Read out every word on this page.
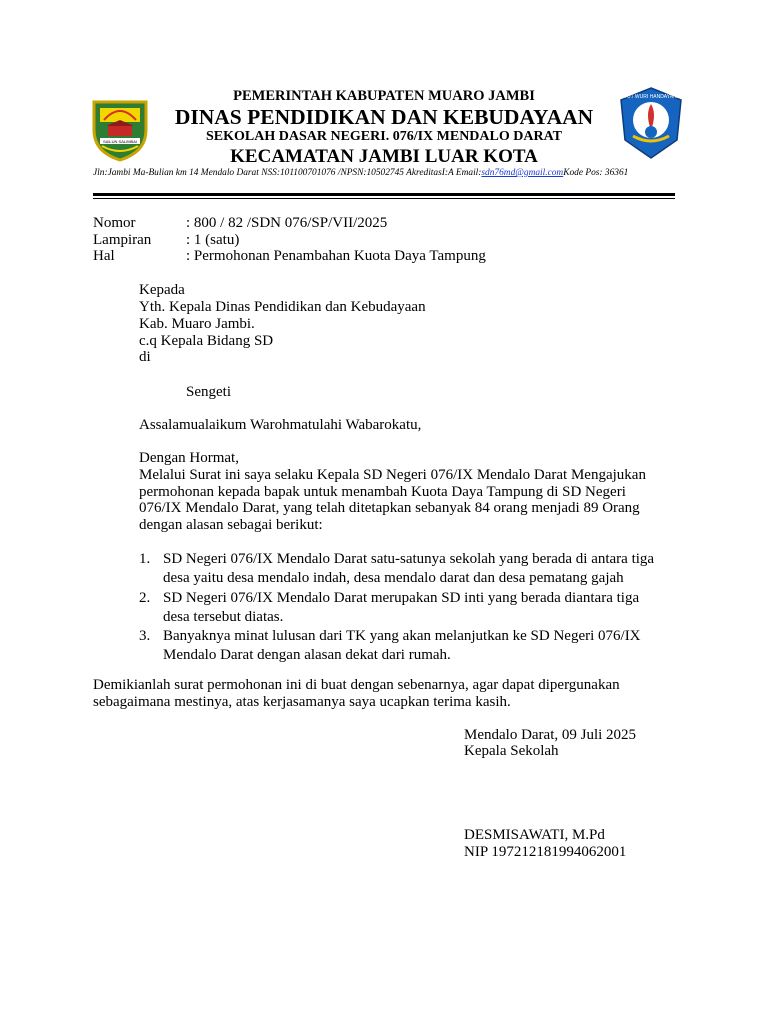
SAILUN SALIMBAI
TUT WURI HANDAYANI
PEMERINTAH KABUPATEN MUARO JAMBI
DINAS PENDIDIKAN DAN KEBUDAYAAN
SEKOLAH DASAR NEGERI. 076/IX MENDALO DARAT
KECAMATAN JAMBI LUAR KOTA
Jln:Jambi Ma-Bulian km 14 Mendalo Darat NSS:101100701076 /NPSN:10502745 AkreditasI:A Email:sdn76md@gmail.comKode Pos: 36361
Nomor	: 800 / 82 /SDN 076/SP/VII/2025
Lampiran : 1 (satu)
Hal	: Permohonan Penambahan Kuota Daya Tampung
Kepada
Yth. Kepala Dinas Pendidikan dan Kebudayaan
Kab. Muaro Jambi.
c.q Kepala Bidang SD
di
Sengeti
Assalamualaikum Warohmatulahi Wabarokatu,
Dengan Hormat,
Melalui Surat ini saya selaku Kepala SD Negeri 076/IX Mendalo Darat Mengajukan
permohonan kepada bapak untuk menambah Kuota Daya Tampung di SD Negeri
076/IX Mendalo Darat, yang telah ditetapkan sebanyak 84 orang menjadi 89 Orang
dengan alasan sebagai berikut:
1. SD Negeri 076/IX Mendalo Darat satu-satunya sekolah yang berada di antara tiga
desa yaitu desa mendalo indah, desa mendalo darat dan desa pematang gajah
2. SD Negeri 076/IX Mendalo Darat merupakan SD inti yang berada diantara tiga
desa tersebut diatas.
3. Banyaknya minat lulusan dari TK yang akan melanjutkan ke SD Negeri 076/IX
Mendalo Darat dengan alasan dekat dari rumah.
Demikianlah surat permohonan ini di buat dengan sebenarnya, agar dapat dipergunakan
sebagaimana mestinya, atas kerjasamanya saya ucapkan terima kasih.
Mendalo Darat, 09 Juli 2025
Kepala Sekolah
DESMISAWATI, M.Pd
NIP 197212181994062001
